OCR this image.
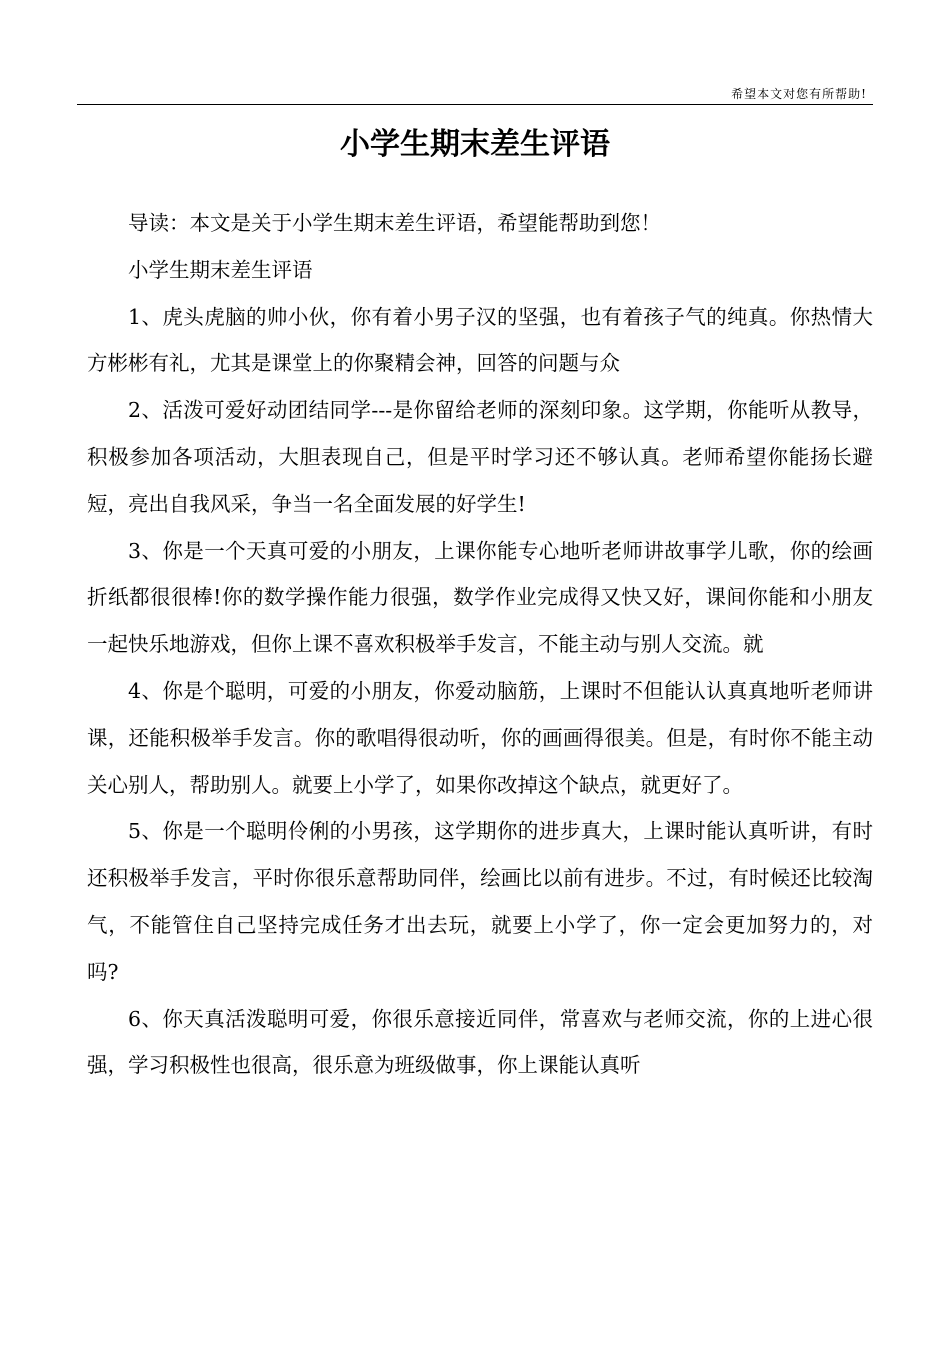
希望本文对您有所帮助!
小学生期末差生评语

导读：本文是关于小学生期末差生评语，希望能帮助到您！

小学生期末差生评语

1、虎头虎脑的帅小伙，你有着小男子汉的坚强，也有着孩子气的纯真。你热情大方彬彬有礼，尤其是课堂上的你聚精会神，回答的问题与众

2、活泼可爱好动团结同学---是你留给老师的深刻印象。这学期，你能听从教导，积极参加各项活动，大胆表现自己，但是平时学习还不够认真。老师希望你能扬长避短，亮出自我风采，争当一名全面发展的好学生!

3、你是一个天真可爱的小朋友，上课你能专心地听老师讲故事学儿歌，你的绘画折纸都很很棒!你的数学操作能力很强，数学作业完成得又快又好，课间你能和小朋友一起快乐地游戏，但你上课不喜欢积极举手发言，不能主动与别人交流。就

4、你是个聪明，可爱的小朋友，你爱动脑筋，上课时不但能认认真真地听老师讲课，还能积极举手发言。你的歌唱得很动听，你的画画得很美。但是，有时你不能主动关心别人，帮助别人。就要上小学了，如果你改掉这个缺点，就更好了。

5、你是一个聪明伶俐的小男孩，这学期你的进步真大，上课时能认真听讲，有时还积极举手发言，平时你很乐意帮助同伴，绘画比以前有进步。不过，有时候还比较淘气，不能管住自己坚持完成任务才出去玩，就要上小学了，你一定会更加努力的，对吗?

6、你天真活泼聪明可爱，你很乐意接近同伴，常喜欢与老师交流，你的上进心很强，学习积极性也很高，很乐意为班级做事，你上课能认真听
